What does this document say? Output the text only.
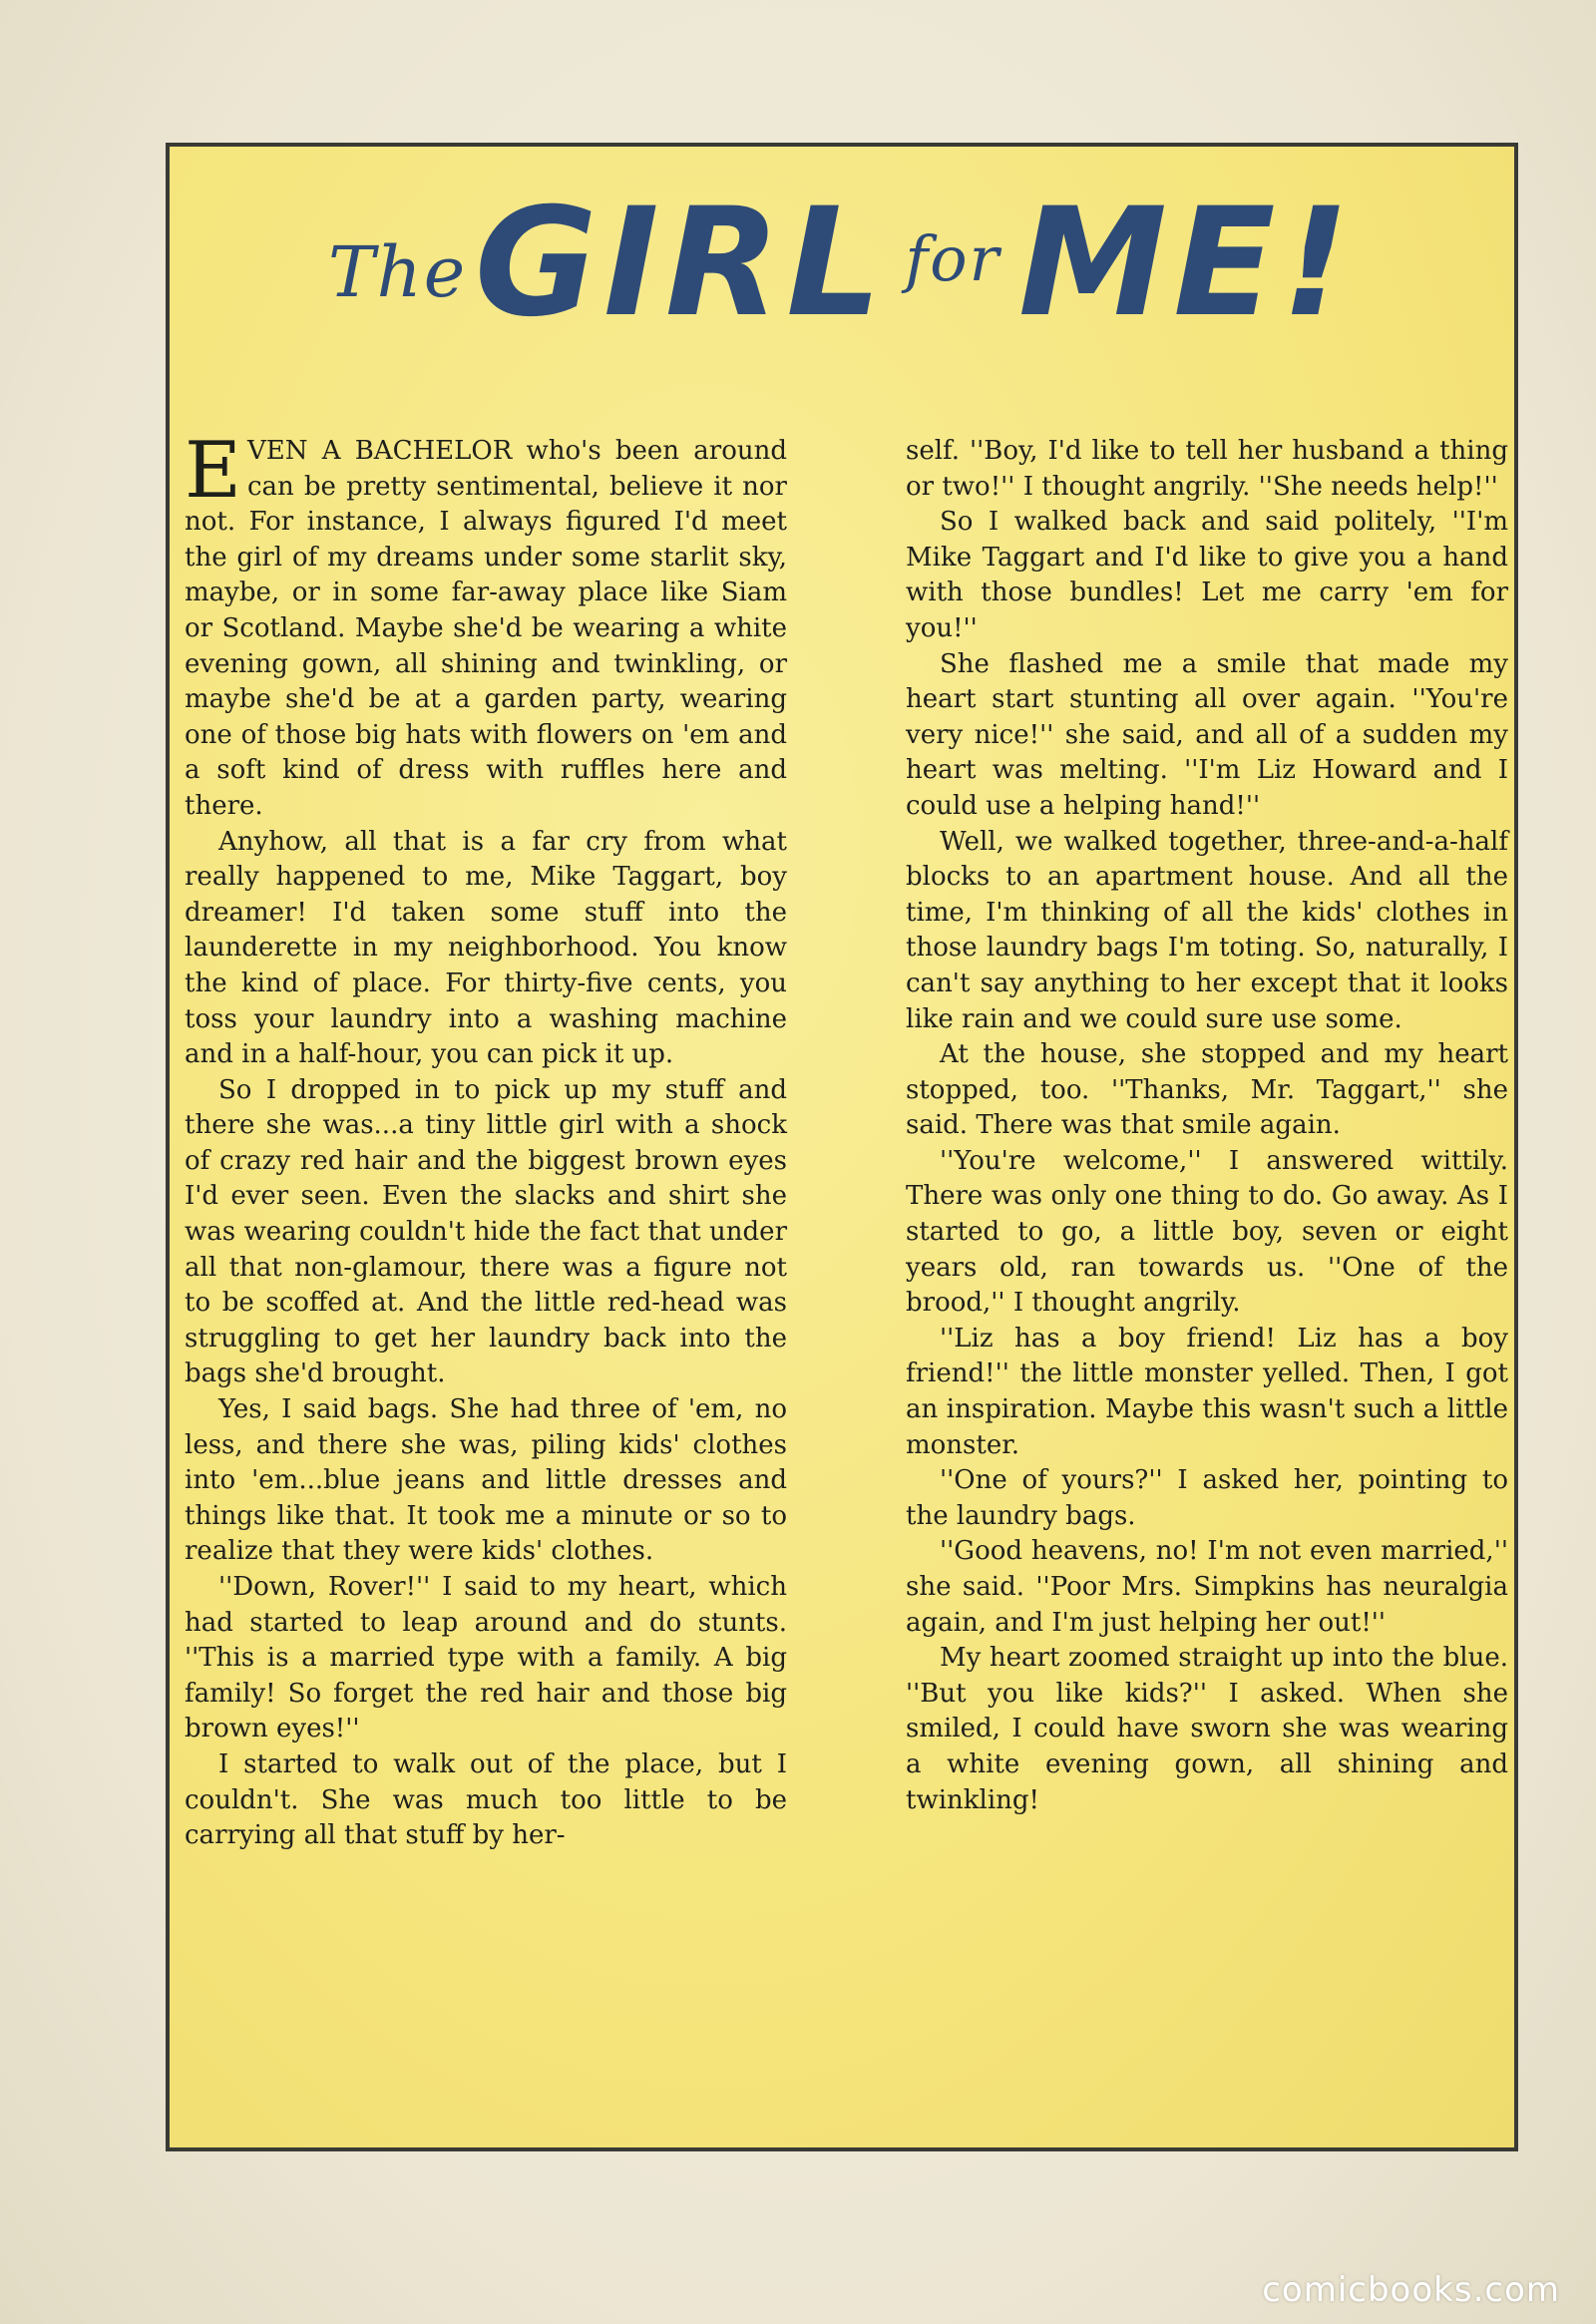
The GIRL for ME!

EVEN A BACHELOR who's been around can be pretty sentimental, believe it nor not. For instance, I always figured I'd meet the girl of my dreams under some starlit sky, maybe, or in some far-away place like Siam or Scotland. Maybe she'd be wearing a white evening gown, all shining and twinkling, or maybe she'd be at a garden party, wearing one of those big hats with flowers on 'em and a soft kind of dress with ruffles here and there.

Anyhow, all that is a far cry from what really happened to me, Mike Taggart, boy dreamer! I'd taken some stuff into the launderette in my neighborhood. You know the kind of place. For thirty-five cents, you toss your laundry into a washing machine and in a half-hour, you can pick it up.

So I dropped in to pick up my stuff and there she was...a tiny little girl with a shock of crazy red hair and the biggest brown eyes I'd ever seen. Even the slacks and shirt she was wearing couldn't hide the fact that under all that non-glamour, there was a figure not to be scoffed at. And the little red-head was struggling to get her laundry back into the bags she'd brought.

Yes, I said bags. She had three of 'em, no less, and there she was, piling kids' clothes into 'em...blue jeans and little dresses and things like that. It took me a minute or so to realize that they were kids' clothes.

''Down, Rover!'' I said to my heart, which had started to leap around and do stunts. ''This is a married type with a family. A big family! So forget the red hair and those big brown eyes!''

I started to walk out of the place, but I couldn't. She was much too little to be carrying all that stuff by her-

self. ''Boy, I'd like to tell her husband a thing or two!'' I thought angrily. ''She needs help!''

So I walked back and said politely, ''I'm Mike Taggart and I'd like to give you a hand with those bundles! Let me carry 'em for you!''

She flashed me a smile that made my heart start stunting all over again. ''You're very nice!'' she said, and all of a sudden my heart was melting. ''I'm Liz Howard and I could use a helping hand!''

Well, we walked together, three-and-a-half blocks to an apartment house. And all the time, I'm thinking of all the kids' clothes in those laundry bags I'm toting. So, naturally, I can't say anything to her except that it looks like rain and we could sure use some.

At the house, she stopped and my heart stopped, too. ''Thanks, Mr. Taggart,'' she said. There was that smile again.

''You're welcome,'' I answered wittily. There was only one thing to do. Go away. As I started to go, a little boy, seven or eight years old, ran towards us. ''One of the brood,'' I thought angrily.

''Liz has a boy friend! Liz has a boy friend!'' the little monster yelled. Then, I got an inspiration. Maybe this wasn't such a little monster.

''One of yours?'' I asked her, pointing to the laundry bags.

''Good heavens, no! I'm not even married,'' she said. ''Poor Mrs. Simpkins has neuralgia again, and I'm just helping her out!''

My heart zoomed straight up into the blue. ''But you like kids?'' I asked. When she smiled, I could have sworn she was wearing a white evening gown, all shining and twinkling!

comicbooks.com
